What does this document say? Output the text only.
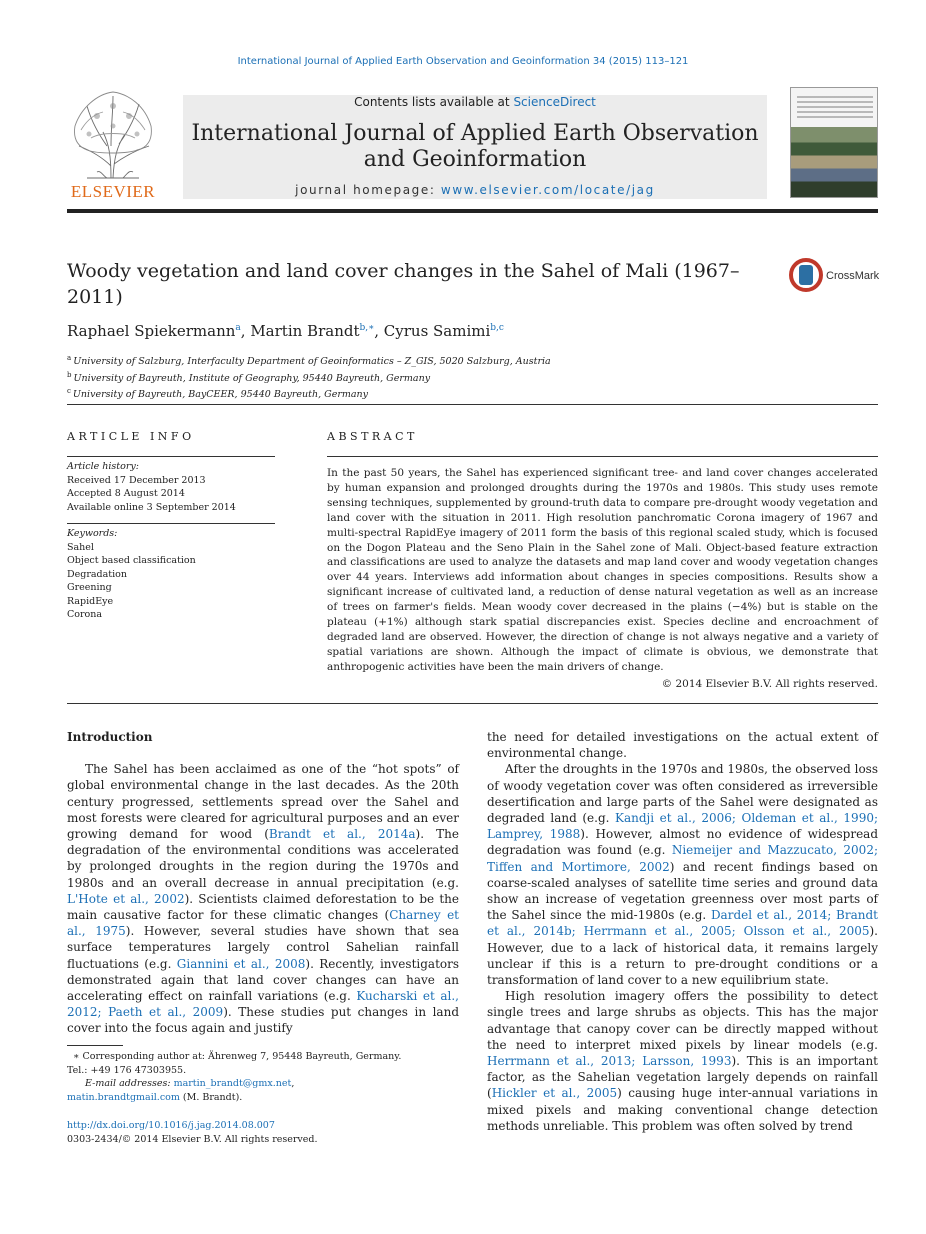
International Journal of Applied Earth Observation and Geoinformation 34 (2015) 113–121
ELSEVIER
Contents lists available at ScienceDirect
International Journal of Applied Earth Observation and Geoinformation
journal homepage: www.elsevier.com/locate/jag
Woody vegetation and land cover changes in the Sahel of Mali (1967–2011)
CrossMark
Raphael Spiekermann$^a$, Martin Brandt$^{b,∗}$, Cyrus Samimi$^{b,c}$
$^a$ University of Salzburg, Interfaculty Department of Geoinformatics – Z_GIS, 5020 Salzburg, Austria
$^b$ University of Bayreuth, Institute of Geography, 95440 Bayreuth, Germany
$^c$ University of Bayreuth, BayCEER, 95440 Bayreuth, Germany
ARTICLE INFO
Article history:
Received 17 December 2013
Accepted 8 August 2014
Available online 3 September 2014
Keywords:
Sahel
Object based classification
Degradation
Greening
RapidEye
Corona
ABSTRACT

In the past 50 years, the Sahel has experienced significant tree- and land cover changes accelerated by human expansion and prolonged droughts during the 1970s and 1980s. This study uses remote sensing techniques, supplemented by ground-truth data to compare pre-drought woody vegetation and land cover with the situation in 2011. High resolution panchromatic Corona imagery of 1967 and multi-spectral RapidEye imagery of 2011 form the basis of this regional scaled study, which is focused on the Dogon Plateau and the Seno Plain in the Sahel zone of Mali. Object-based feature extraction and classifications are used to analyze the datasets and map land cover and woody vegetation changes over 44 years. Interviews add information about changes in species compositions. Results show a significant increase of cultivated land, a reduction of dense natural vegetation as well as an increase of trees on farmer's fields. Mean woody cover decreased in the plains (−4%) but is stable on the plateau (+1%) although stark spatial discrepancies exist. Species decline and encroachment of degraded land are observed. However, the direction of change is not always negative and a variety of spatial variations are shown. Although the impact of climate is obvious, we demonstrate that anthropogenic activities have been the main drivers of change.

© 2014 Elsevier B.V. All rights reserved.
Introduction

The Sahel has been acclaimed as one of the “hot spots” of global environmental change in the last decades. As the 20th century progressed, settlements spread over the Sahel and most forests were cleared for agricultural purposes and an ever growing demand for wood (Brandt et al., 2014a). The degradation of the environmental conditions was accelerated by prolonged droughts in the region during the 1970s and 1980s and an overall decrease in annual precipitation (e.g. L'Hote et al., 2002). Scientists claimed deforestation to be the main causative factor for these climatic changes (Charney et al., 1975). However, several studies have shown that sea surface temperatures largely control Sahelian rainfall fluctuations (e.g. Giannini et al., 2008). Recently, investigators demonstrated again that land cover changes can have an accelerating effect on rainfall variations (e.g. Kucharski et al., 2012; Paeth et al., 2009). These studies put changes in land cover into the focus again and justify

the need for detailed investigations on the actual extent of environmental change.

After the droughts in the 1970s and 1980s, the observed loss of woody vegetation cover was often considered as irreversible desertification and large parts of the Sahel were designated as degraded land (e.g. Kandji et al., 2006; Oldeman et al., 1990; Lamprey, 1988). However, almost no evidence of widespread degradation was found (e.g. Niemeijer and Mazzucato, 2002; Tiffen and Mortimore, 2002) and recent findings based on coarse-scaled analyses of satellite time series and ground data show an increase of vegetation greenness over most parts of the Sahel since the mid-1980s (e.g. Dardel et al., 2014; Brandt et al., 2014b; Herrmann et al., 2005; Olsson et al., 2005). However, due to a lack of historical data, it remains largely unclear if this is a return to pre-drought conditions or a transformation of land cover to a new equilibrium state.

High resolution imagery offers the possibility to detect single trees and large shrubs as objects. This has the major advantage that canopy cover can be directly mapped without the need to interpret mixed pixels by linear models (e.g. Herrmann et al., 2013; Larsson, 1993). This is an important factor, as the Sahelian vegetation largely depends on rainfall (Hickler et al., 2005) causing huge inter-annual variations in mixed pixels and making conventional change detection methods unreliable. This problem was often solved by trend

∗ Corresponding author at: Ährenweg 7, 95448 Bayreuth, Germany.
Tel.: +49 176 47303955.
E-mail addresses: martin_brandt@gmx.net,
matin.brandtgmail.com (M. Brandt).
http://dx.doi.org/10.1016/j.jag.2014.08.007
0303-2434/© 2014 Elsevier B.V. All rights reserved.
